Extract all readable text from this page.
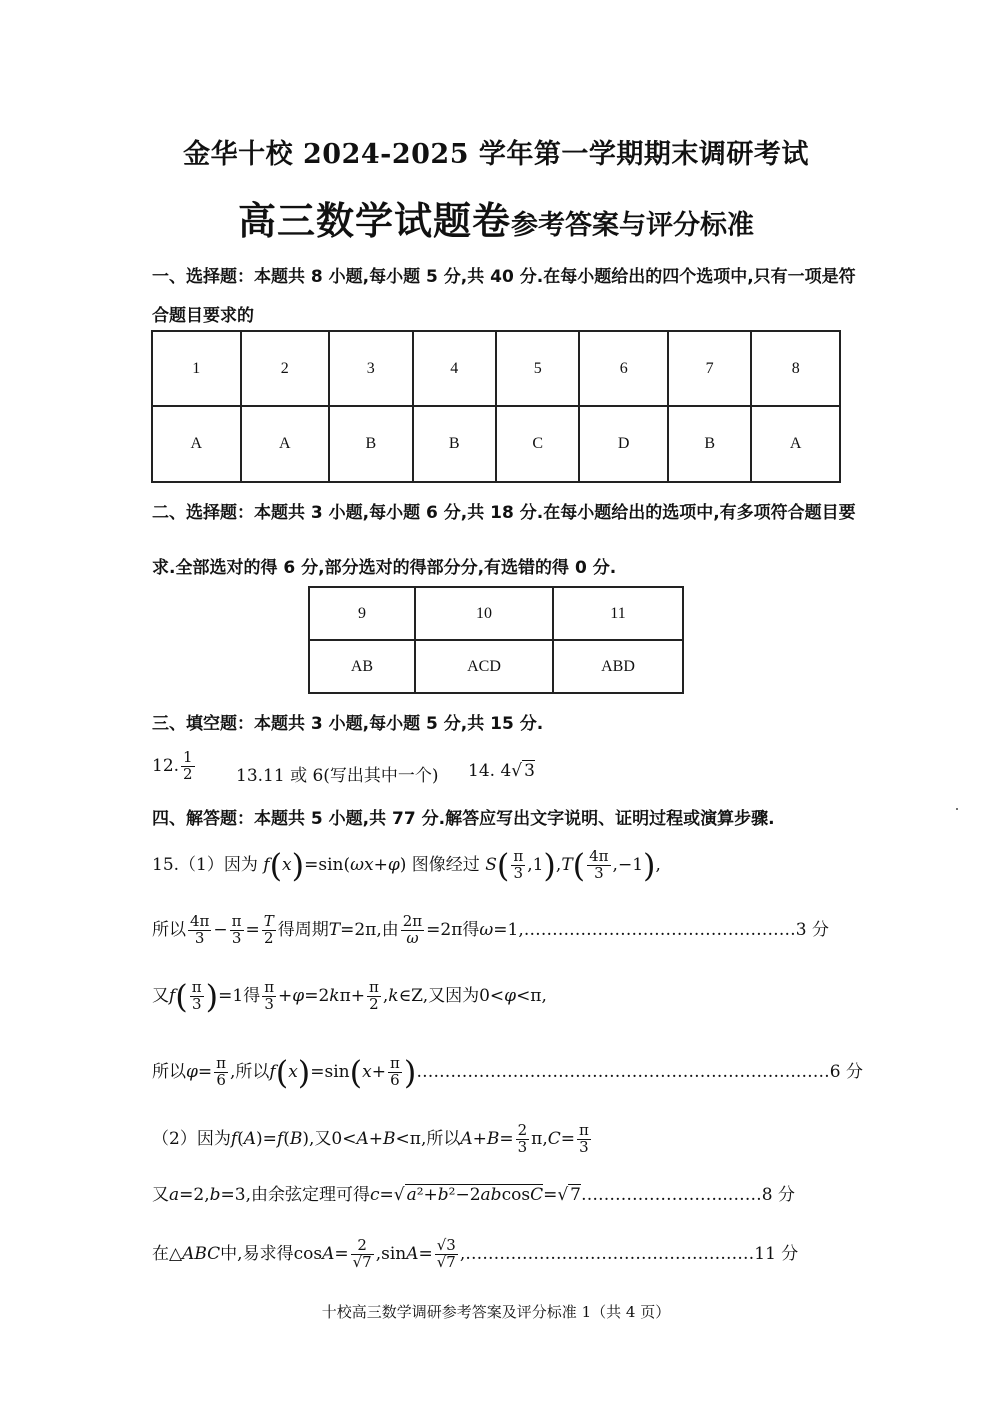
金华十校 2024-2025 学年第一学期期末调研考试
高三数学试题卷参考答案与评分标准
一、选择题：本题共 8 小题,每小题 5 分,共 40 分.在每小题给出的四个选项中,只有一项是符
合题目要求的
1	2	3	4	5	6	7	8
A	A	B	B	C	D	B	A
二、选择题：本题共 3 小题,每小题 6 分,共 18 分.在每小题给出的选项中,有多项符合题目要
求.全部选对的得 6 分,部分选对的得部分分,有选错的得 0 分.
9	10	11
AB	ACD	ABD
三、填空题：本题共 3 小题,每小题 5 分,共 15 分.
12. $\frac{1}{2} 13.11$ 或 6(写出其中一个) 14. 4√ 3
四、解答题：本题共 5 小题,共 77 分.解答应写出文字说明、证明过程或演算步骤.
15.（1）因为 f(x)=sin(ωx+φ) 图像经过 $S( \frac{\pi}{3} ,1),T( \frac{4\pi}{3} ,-1)$,
所以 $\frac{4\pi}{3} - \frac{\pi}{3} = \frac{T}{2}$ 得周期T=2π,由 $\frac{2\pi}{\omega} =2\pi$得ω=1,…………………………………………3 分
又$f( \frac{\pi}{3} )=1$得 $\frac{\pi}{3} +\varphi=2k\pi+ \frac{\pi}{2}$ ,k∈Z,又因为0<φ<π,
所以$\varphi= \frac{\pi}{6}$ ,所以$f(x)=\sin(x+ \frac{\pi}{6}$ )………………………………………………………….……6 分
（2）因为f(A)=f(B),又0<A+B<π,所以$A+B= \frac{2}{3} \pi,C= \frac{\pi}{3}$
又a=2,b=3,由余弦定理可得c=√ a²+b²−2abcosC=√ 7……………………..……8 分
在△ABC中,易求得$\cos A= \frac{2}{√7} ,\sin A= \frac{√3}{√7}$ ,……………………………………………11 分
十校高三数学调研参考答案及评分标准 1（共 4 页）
